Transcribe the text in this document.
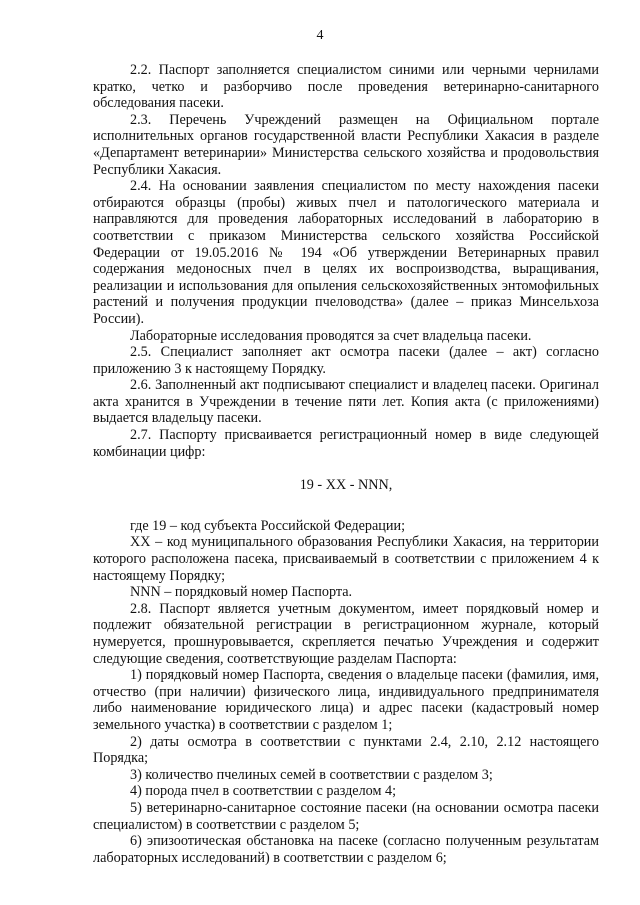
4

2.2. Паспорт заполняется специалистом синими или черными чернилами кратко, четко и разборчиво после проведения ветеринарно-санитарного обследования пасеки.

2.3. Перечень Учреждений размещен на Официальном портале исполнительных органов государственной власти Республики Хакасия в разделе «Департамент ветеринарии» Министерства сельского хозяйства и продовольствия Республики Хакасия.

2.4. На основании заявления специалистом по месту нахождения пасеки отбираются образцы (пробы) живых пчел и патологического материала и направляются для проведения лабораторных исследований в лабораторию в соответствии с приказом Министерства сельского хозяйства Российской Федерации от 19.05.2016 № 194 «Об утверждении Ветеринарных правил содержания медоносных пчел в целях их воспроизводства, выращивания, реализации и использования для опыления сельскохозяйственных энтомофильных растений и получения продукции пчеловодства» (далее – приказ Минсельхоза России).

Лабораторные исследования проводятся за счет владельца пасеки.

2.5. Специалист заполняет акт осмотра пасеки (далее – акт) согласно приложению 3 к настоящему Порядку.

2.6. Заполненный акт подписывают специалист и владелец пасеки. Оригинал акта хранится в Учреждении в течение пяти лет. Копия акта (с приложениями) выдается владельцу пасеки.

2.7. Паспорту присваивается регистрационный номер в виде следующей комбинации цифр:

19 - ХХ - NNN,

где 19 – код субъекта Российской Федерации;

ХХ – код муниципального образования Республики Хакасия, на территории которого расположена пасека, присваиваемый в соответствии с приложением 4 к настоящему Порядку;

NNN – порядковый номер Паспорта.

2.8. Паспорт является учетным документом, имеет порядковый номер и подлежит обязательной регистрации в регистрационном журнале, который нумеруется, прошнуровывается, скрепляется печатью Учреждения и содержит следующие сведения, соответствующие разделам Паспорта:

1) порядковый номер Паспорта, сведения о владельце пасеки (фамилия, имя, отчество (при наличии) физического лица, индивидуального предпринимателя либо наименование юридического лица) и адрес пасеки (кадастровый номер земельного участка) в соответствии с разделом 1;

2) даты осмотра в соответствии с пунктами 2.4, 2.10, 2.12 настоящего Порядка;

3) количество пчелиных семей в соответствии с разделом 3;

4) порода пчел в соответствии с разделом 4;

5) ветеринарно-санитарное состояние пасеки (на основании осмотра пасеки специалистом) в соответствии с разделом 5;

6) эпизоотическая обстановка на пасеке (согласно полученным результатам лабораторных исследований) в соответствии с разделом 6;
